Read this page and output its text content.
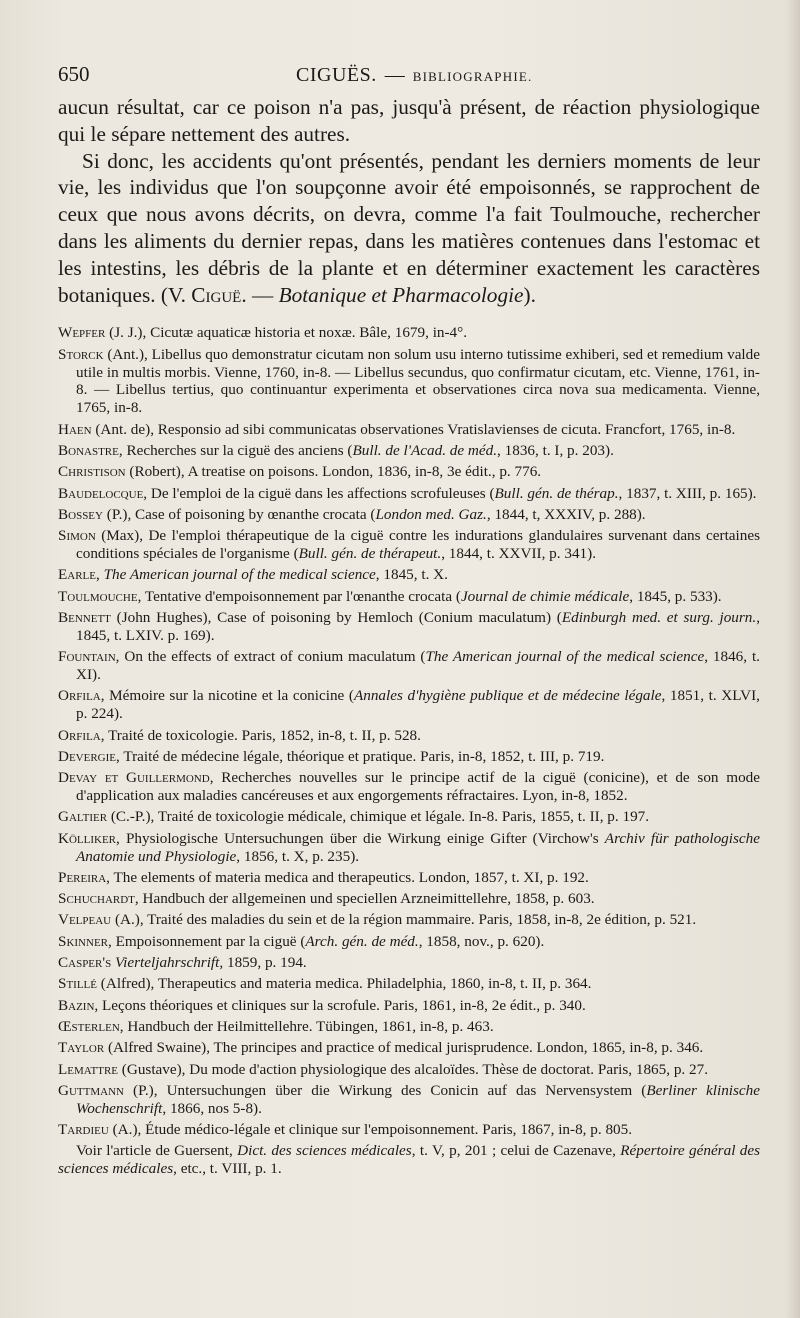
650	CIGUËS. — BIBLIOGRAPHIE.

aucun résultat, car ce poison n'a pas, jusqu'à présent, de réaction physiologique qui le sépare nettement des autres.

Si donc, les accidents qu'ont présentés, pendant les derniers moments de leur vie, les individus que l'on soupçonne avoir été empoisonnés, se rapprochent de ceux que nous avons décrits, on devra, comme l'a fait Toulmouche, rechercher dans les aliments du dernier repas, dans les matières contenues dans l'estomac et les intestins, les débris de la plante et en déterminer exactement les caractères botaniques. (V. Ciguë. — Botanique et Pharmacologie).

Wepfer (J. J.), Cicutæ aquaticæ historia et noxæ. Bâle, 1679, in-4°.

Storck (Ant.), Libellus quo demonstratur cicutam non solum usu interno tutissime exhiberi, sed et remedium valde utile in multis morbis. Vienne, 1760, in-8. — Libellus secundus, quo confirmatur cicutam, etc. Vienne, 1761, in-8. — Libellus tertius, quo continuantur experimenta et observationes circa nova sua medicamenta. Vienne, 1765, in-8.

Haen (Ant. de), Responsio ad sibi communicatas observationes Vratislavienses de cicuta. Francfort, 1765, in-8.

Bonastre, Recherches sur la ciguë des anciens (Bull. de l'Acad. de méd., 1836, t. I, p. 203).

Christison (Robert), A treatise on poisons. London, 1836, in-8, 3e édit., p. 776.

Baudelocque, De l'emploi de la ciguë dans les affections scrofuleuses (Bull. gén. de thérap., 1837, t. XIII, p. 165).

Bossey (P.), Case of poisoning by œnanthe crocata (London med. Gaz., 1844, t, XXXIV, p. 288).

Simon (Max), De l'emploi thérapeutique de la ciguë contre les indurations glandulaires survenant dans certaines conditions spéciales de l'organisme (Bull. gén. de thérapeut., 1844, t. XXVII, p. 341).

Earle, The American journal of the medical science, 1845, t. X.

Toulmouche, Tentative d'empoisonnement par l'œnanthe crocata (Journal de chimie médicale, 1845, p. 533).

Bennett (John Hughes), Case of poisoning by Hemloch (Conium maculatum) (Edinburgh med. et surg. journ., 1845, t. LXIV. p. 169).

Fountain, On the effects of extract of conium maculatum (The American journal of the medical science, 1846, t. XI).

Orfila, Mémoire sur la nicotine et la conicine (Annales d'hygiène publique et de médecine légale, 1851, t. XLVI, p. 224).

Orfila, Traité de toxicologie. Paris, 1852, in-8, t. II, p. 528.

Devergie, Traité de médecine légale, théorique et pratique. Paris, in-8, 1852, t. III, p. 719.

Devay et Guillermond, Recherches nouvelles sur le principe actif de la ciguë (conicine), et de son mode d'application aux maladies cancéreuses et aux engorgements réfractaires. Lyon, in-8, 1852.

Galtier (C.-P.), Traité de toxicologie médicale, chimique et légale. In-8. Paris, 1855, t. II, p. 197.

Kölliker, Physiologische Untersuchungen über die Wirkung einige Gifter (Virchow's Archiv für pathologische Anatomie und Physiologie, 1856, t. X, p. 235).

Pereira, The elements of materia medica and therapeutics. London, 1857, t. XI, p. 192.

Schuchardt, Handbuch der allgemeinen und speciellen Arzneimittellehre, 1858, p. 603.

Velpeau (A.), Traité des maladies du sein et de la région mammaire. Paris, 1858, in-8, 2e édition, p. 521.

Skinner, Empoisonnement par la ciguë (Arch. gén. de méd., 1858, nov., p. 620).

Casper's Vierteljahrschrift, 1859, p. 194.

Stillé (Alfred), Therapeutics and materia medica. Philadelphia, 1860, in-8, t. II, p. 364.

Bazin, Leçons théoriques et cliniques sur la scrofule. Paris, 1861, in-8, 2e édit., p. 340.

Œsterlen, Handbuch der Heilmittellehre. Tübingen, 1861, in-8, p. 463.

Taylor (Alfred Swaine), The principes and practice of medical jurisprudence. London, 1865, in-8, p. 346.

Lemattre (Gustave), Du mode d'action physiologique des alcaloïdes. Thèse de doctorat. Paris, 1865, p. 27.

Guttmann (P.), Untersuchungen über die Wirkung des Conicin auf das Nervensystem (Berliner klinische Wochenschrift, 1866, nos 5-8).

Tardieu (A.), Étude médico-légale et clinique sur l'empoisonnement. Paris, 1867, in-8, p. 805.

Voir l'article de Guersent, Dict. des sciences médicales, t. V, p, 201 ; celui de Cazenave, Répertoire général des sciences médicales, etc., t. VIII, p. 1.
